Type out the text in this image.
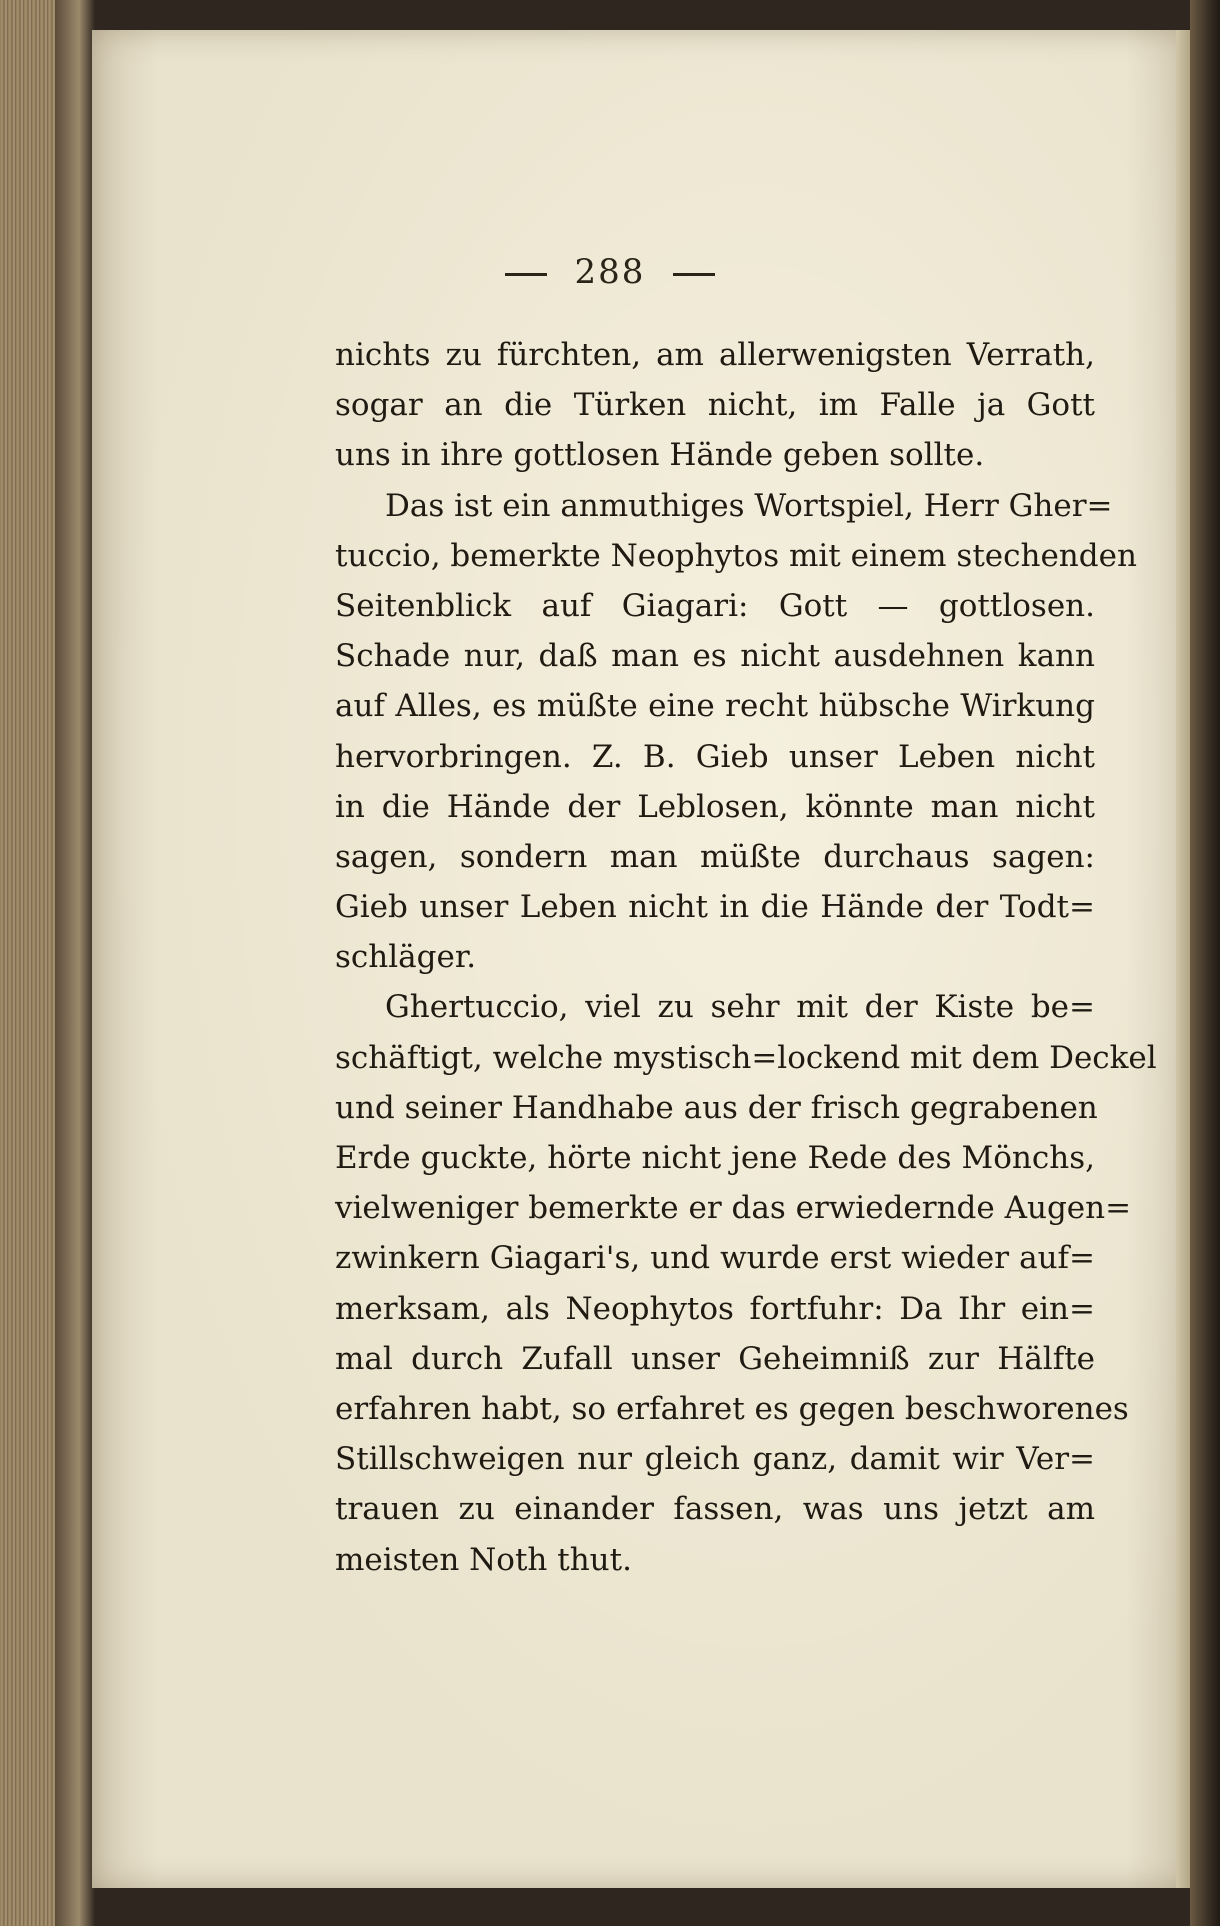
288
nichts zu fürchten, am allerwenigsten Verrath,
sogar an die Türken nicht, im Falle ja Gott
uns in ihre gottlosen Hände geben sollte.
Das ist ein anmuthiges Wortspiel, Herr Gher=
tuccio, bemerkte Neophytos mit einem stechenden
Seitenblick auf Giagari: Gott — gottlosen.
Schade nur, daß man es nicht ausdehnen kann
auf Alles, es müßte eine recht hübsche Wirkung
hervorbringen. Z. B. Gieb unser Leben nicht
in die Hände der Leblosen, könnte man nicht
sagen, sondern man müßte durchaus sagen:
Gieb unser Leben nicht in die Hände der Todt=
schläger.
Ghertuccio, viel zu sehr mit der Kiste be=
schäftigt, welche mystisch=lockend mit dem Deckel
und seiner Handhabe aus der frisch gegrabenen
Erde guckte, hörte nicht jene Rede des Mönchs,
vielweniger bemerkte er das erwiedernde Augen=
zwinkern Giagari's, und wurde erst wieder auf=
merksam, als Neophytos fortfuhr: Da Ihr ein=
mal durch Zufall unser Geheimniß zur Hälfte
erfahren habt, so erfahret es gegen beschworenes
Stillschweigen nur gleich ganz, damit wir Ver=
trauen zu einander fassen, was uns jetzt am
meisten Noth thut.
